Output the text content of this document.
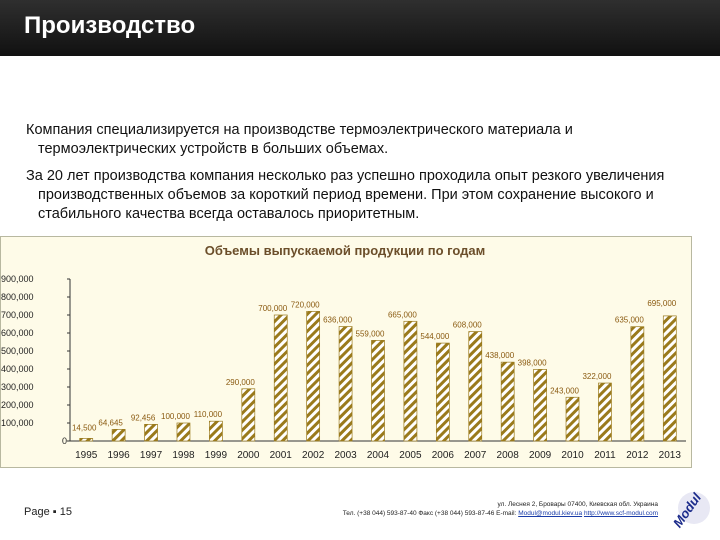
Производство
Компания специализируется на производстве термоэлектрического материала и термоэлектрических устройств в больших объемах.
За 20 лет производства компания несколько раз успешно проходила опыт резкого увеличения производственных объемов за короткий период времени. При этом сохранение высокого и стабильного качества всегда оставалось приоритетным.
Объемы выпускаемой продукции по годам
0
100,000
200,000
300,000
400,000
500,000
600,000
700,000
800,000
900,000
1995 1996 1997 1998 1999 2000 2001 2002 2003 2004 2005 2006 2007 2008 2009 2010 2011 2012 2013
14,500
64,645
92,456 100,000 110,000
290,000
700,000 720,000
636,000
559,000
665,000
544,000
608,000
438,000
398,000
243,000
322,000
635,000
695,000
Page ▪ 15
ул. Леснея 2, Бровары 07400, Киевская обл. Украина
Тел. (+38 044) 593-87-40 Факс (+38 044) 593-87-46 E-mail: Modul@modul.kiev.ua http://www.scf-modul.com Modul
